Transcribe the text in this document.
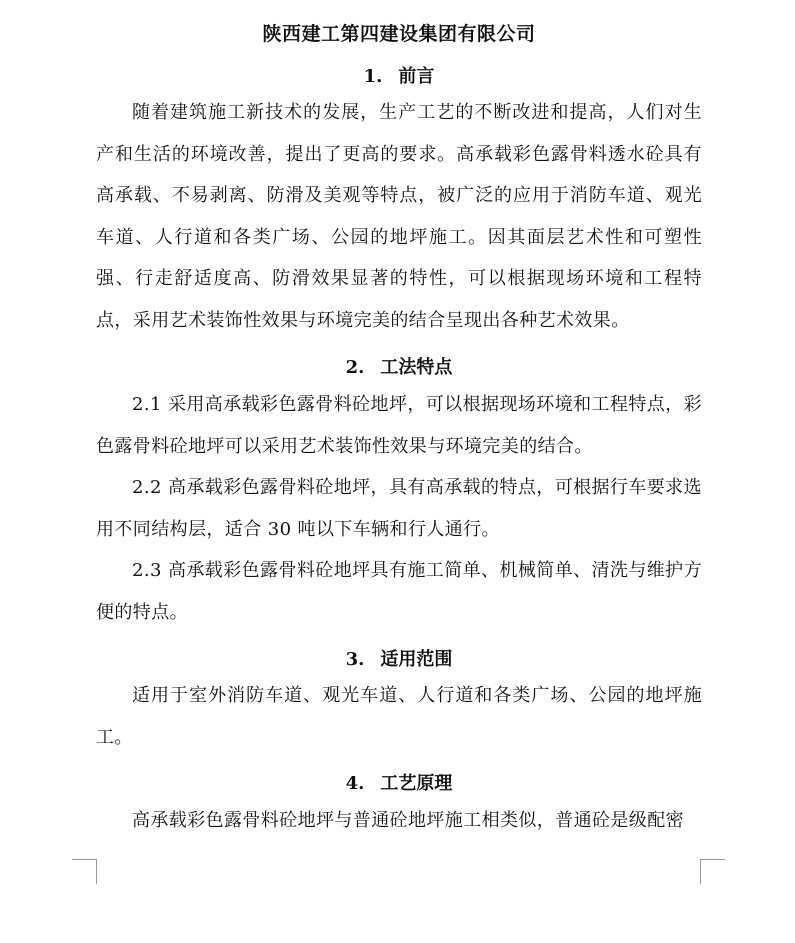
陕西建工第四建设集团有限公司
1. 前言
随着建筑施工新技术的发展，生产工艺的不断改进和提高，人们对生产和生活的环境改善，提出了更高的要求。高承载彩色露骨料透水砼具有高承载、不易剥离、防滑及美观等特点，被广泛的应用于消防车道、观光车道、人行道和各类广场、公园的地坪施工。因其面层艺术性和可塑性强、行走舒适度高、防滑效果显著的特性，可以根据现场环境和工程特点，采用艺术装饰性效果与环境完美的结合呈现出各种艺术效果。
2. 工法特点
2.1 采用高承载彩色露骨料砼地坪，可以根据现场环境和工程特点，彩色露骨料砼地坪可以采用艺术装饰性效果与环境完美的结合。
2.2 高承载彩色露骨料砼地坪，具有高承载的特点，可根据行车要求选用不同结构层，适合 30 吨以下车辆和行人通行。
2.3 高承载彩色露骨料砼地坪具有施工简单、机械简单、清洗与维护方便的特点。
3. 适用范围
适用于室外消防车道、观光车道、人行道和各类广场、公园的地坪施工。
4. 工艺原理
高承载彩色露骨料砼地坪与普通砼地坪施工相类似，普通砼是级配密
